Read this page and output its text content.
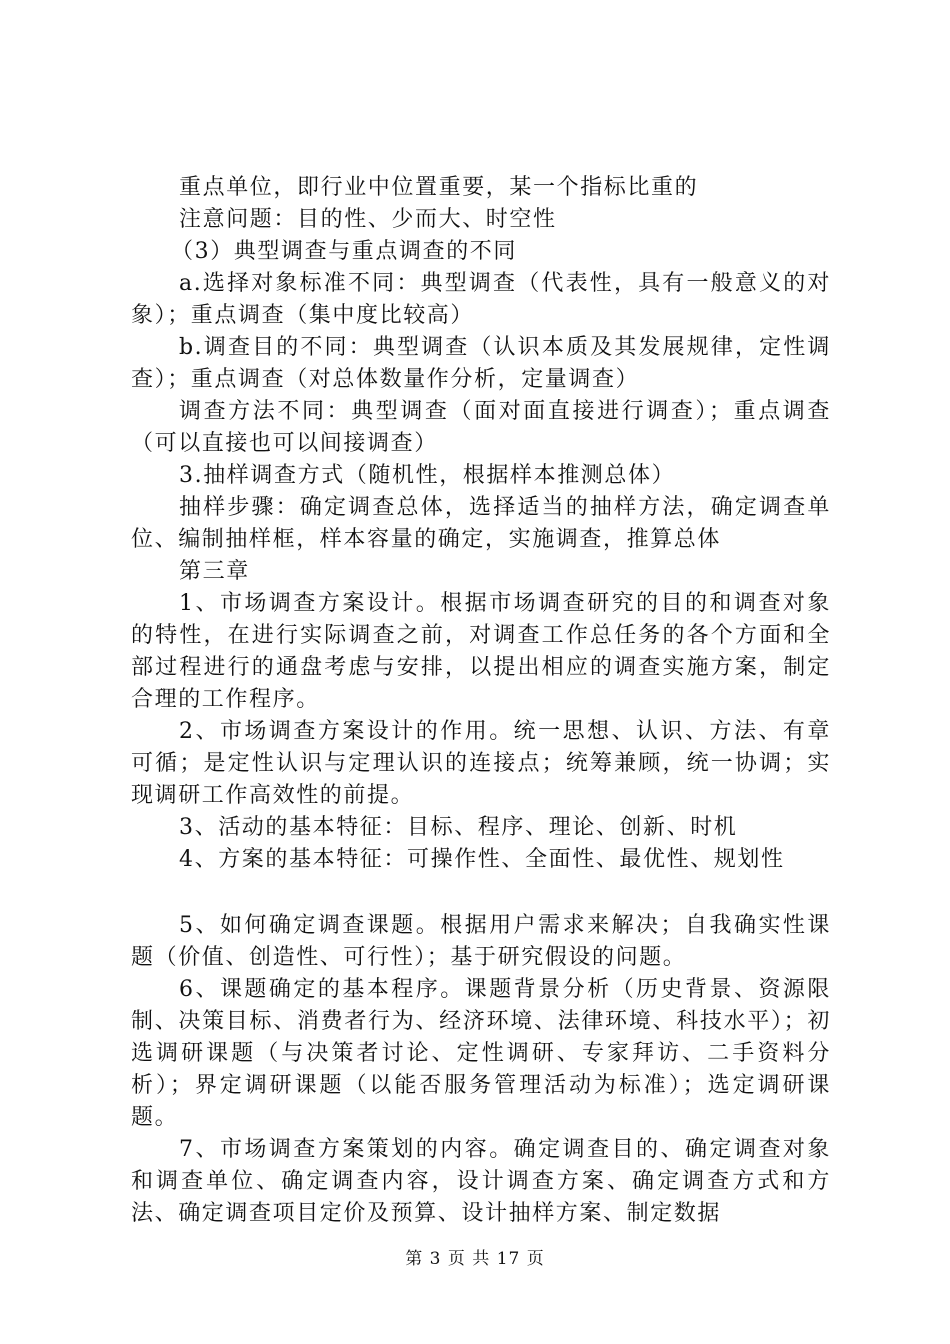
重点单位，即行业中位置重要，某一个指标比重的

注意问题：目的性、少而大、时空性

（3）典型调查与重点调查的不同

a.选择对象标准不同：典型调查（代表性，具有一般意义的对象）；重点调查（集中度比较高）

b.调查目的不同：典型调查（认识本质及其发展规律，定性调查）；重点调查（对总体数量作分析，定量调查）

调查方法不同：典型调查（面对面直接进行调查）；重点调查（可以直接也可以间接调查）

3.抽样调查方式（随机性，根据样本推测总体）

抽样步骤：确定调查总体，选择适当的抽样方法，确定调查单位、编制抽样框，样本容量的确定，实施调查，推算总体

第三章

1、市场调查方案设计。根据市场调查研究的目的和调查对象的特性，在进行实际调查之前，对调查工作总任务的各个方面和全部过程进行的通盘考虑与安排，以提出相应的调查实施方案，制定合理的工作程序。

2、市场调查方案设计的作用。统一思想、认识、方法、有章可循；是定性认识与定理认识的连接点；统筹兼顾，统一协调；实现调研工作高效性的前提。

3、活动的基本特征：目标、程序、理论、创新、时机

4、方案的基本特征：可操作性、全面性、最优性、规划性

5、如何确定调查课题。根据用户需求来解决；自我确实性课题（价值、创造性、可行性）；基于研究假设的问题。

6、课题确定的基本程序。课题背景分析（历史背景、资源限制、决策目标、消费者行为、经济环境、法律环境、科技水平）；初选调研课题（与决策者讨论、定性调研、专家拜访、二手资料分析）；界定调研课题（以能否服务管理活动为标准）；选定调研课题。

7、市场调查方案策划的内容。确定调查目的、确定调查对象和调查单位、确定调查内容，设计调查方案、确定调查方式和方法、确定调查项目定价及预算、设计抽样方案、制定数据

第 3 页 共 17 页
